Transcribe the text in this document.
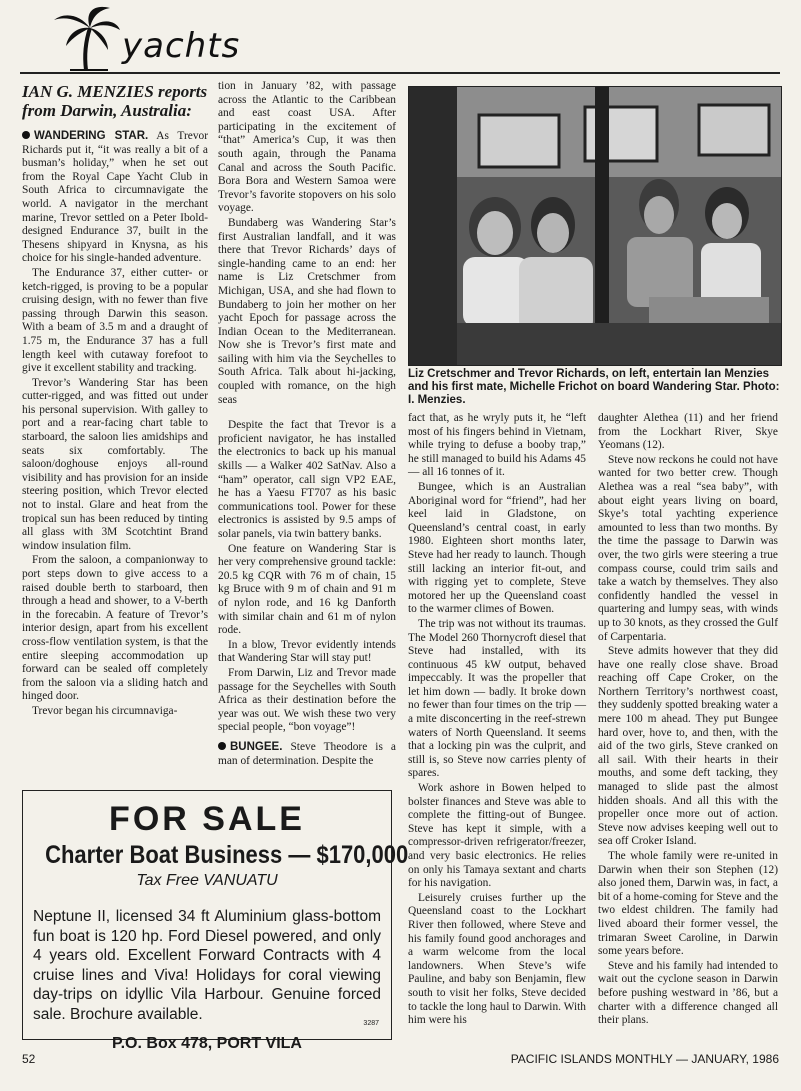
yachts
IAN G. MENZIES reports from Darwin, Australia:

WANDERING STAR. As Trevor Richards put it, “it was really a bit of a busman’s holiday,” when he set out from the Royal Cape Yacht Club in South Africa to circumnavigate the world. A navigator in the merchant marine, Trevor settled on a Peter Ibold-designed Endurance 37, built in the Thesens shipyard in Knysna, as his choice for his single-handed adventure.

The Endurance 37, either cutter- or ketch-rigged, is proving to be a popular cruising design, with no fewer than five passing through Darwin this season. With a beam of 3.5 m and a draught of 1.75 m, the Endurance 37 has a full length keel with cutaway forefoot to give it excellent stability and tracking.

Trevor’s Wandering Star has been cutter-rigged, and was fitted out under his personal supervision. With galley to port and a rear-facing chart table to starboard, the saloon lies amidships and seats six comfortably. The saloon/doghouse enjoys all-round visibility and has provision for an inside steering position, which Trevor elected not to instal. Glare and heat from the tropical sun has been reduced by tinting all glass with 3M Scotchtint Brand window insulation film.

From the saloon, a companionway to port steps down to give access to a raised double berth to starboard, then through a head and shower, to a V-berth in the forecabin. A feature of Trevor’s interior design, apart from his excellent cross-flow ventilation system, is that the entire sleeping accommodation up forward can be sealed off completely from the saloon via a sliding hatch and hinged door.

Trevor began his circumnaviga-

tion in January ’82, with passage across the Atlantic to the Caribbean and east coast USA. After participating in the excitement of “that” America’s Cup, it was then south again, through the Panama Canal and across the South Pacific. Bora Bora and Western Samoa were Trevor’s favorite stopovers on his solo voyage.

Bundaberg was Wandering Star’s first Australian landfall, and it was there that Trevor Richards’ days of single-handing came to an end: her name is Liz Cretschmer from Michigan, USA, and she had flown to Bundaberg to join her mother on her yacht Epoch for passage across the Indian Ocean to the Mediterranean. Now she is Trevor’s first mate and sailing with him via the Seychelles to South Africa. Talk about hi-jacking, coupled with romance, on the high seas

Despite the fact that Trevor is a proficient navigator, he has installed the electronics to back up his manual skills — a Walker 402 SatNav. Also a “ham” operator, call sign VP2 EAE, he has a Yaesu FT707 as his basic communications tool. Power for these electronics is assisted by 9.5 amps of solar panels, via twin battery banks.

One feature on Wandering Star is her very comprehensive ground tackle: 20.5 kg CQR with 76 m of chain, 15 kg Bruce with 9 m of chain and 91 m of nylon rode, and 16 kg Danforth with similar chain and 61 m of nylon rode.

In a blow, Trevor evidently intends that Wandering Star will stay put!

From Darwin, Liz and Trevor made passage for the Seychelles with South Africa as their destination before the year was out. We wish these two very special people, “bon voyage”!

BUNGEE. Steve Theodore is a man of determination. Despite the

Liz Cretschmer and Trevor Richards, on left, entertain Ian Menzies and his first mate, Michelle Frichot on board Wandering Star. Photo: I. Menzies.

fact that, as he wryly puts it, he “left most of his fingers behind in Vietnam, while trying to defuse a booby trap,” he still managed to build his Adams 45 — all 16 tonnes of it.

Bungee, which is an Australian Aboriginal word for “friend”, had her keel laid in Gladstone, on Queensland’s central coast, in early 1980. Eighteen short months later, Steve had her ready to launch. Though still lacking an interior fit-out, and with rigging yet to complete, Steve motored her up the Queensland coast to the warmer climes of Bowen.

The trip was not without its traumas. The Model 260 Thornycroft diesel that Steve had installed, with its continuous 45 kW output, behaved impeccably. It was the propeller that let him down — badly. It broke down no fewer than four times on the trip — a mite disconcerting in the reef-strewn waters of North Queensland. It seems that a locking pin was the culprit, and still is, so Steve now carries plenty of spares.

Work ashore in Bowen helped to bolster finances and Steve was able to complete the fitting-out of Bungee. Steve has kept it simple, with a compressor-driven refrigerator/freezer, and very basic electronics. He relies on only his Tamaya sextant and charts for his navigation.

Leisurely cruises further up the Queensland coast to the Lockhart River then followed, where Steve and his family found good anchorages and a warm welcome from the local landowners. When Steve’s wife Pauline, and baby son Benjamin, flew south to visit her folks, Steve decided to tackle the long haul to Darwin. With him were his

daughter Alethea (11) and her friend from the Lockhart River, Skye Yeomans (12).

Steve now reckons he could not have wanted for two better crew. Though Alethea was a real “sea baby”, with about eight years living on board, Skye’s total yachting experience amounted to less than two months. By the time the passage to Darwin was over, the two girls were steering a true compass course, could trim sails and take a watch by themselves. They also confidently handled the vessel in quartering and lumpy seas, with winds up to 30 knots, as they crossed the Gulf of Carpentaria.

Steve admits however that they did have one really close shave. Broad reaching off Cape Croker, on the Northern Territory’s northwest coast, they suddenly spotted breaking water a mere 100 m ahead. They put Bungee hard over, hove to, and then, with the aid of the two girls, Steve cranked on all sail. With their hearts in their mouths, and some deft tacking, they managed to slide past the almost hidden shoals. And all this with the propeller once more out of action. Steve now advises keeping well out to sea off Croker Island.

The whole family were re-united in Darwin when their son Stephen (12) also joned them, Darwin was, in fact, a bit of a home-coming for Steve and the two eldest children. The family had lived aboard their former vessel, the trimaran Sweet Caroline, in Darwin some years before.

Steve and his family had intended to wait out the cyclone season in Darwin before pushing westward in ’86, but a charter with a difference changed all their plans.

FOR SALE
Charter Boat Business — $170,000
Tax Free VANUATU
Neptune II, licensed 34 ft Aluminium glass-bottom fun boat is 120 hp. Ford Diesel powered, and only 4 years old. Excellent Forward Contracts with 4 cruise lines and Viva! Holidays for coral viewing day-trips on idyllic Vila Harbour. Genuine forced sale. Brochure available.
P.O. Box 478, PORT VILA
3287
52	PACIFIC ISLANDS MONTHLY — JANUARY, 1986
